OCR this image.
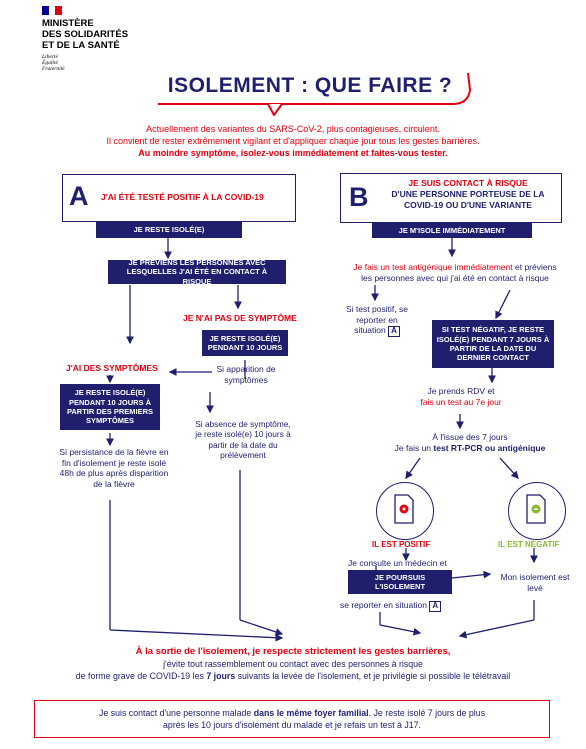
MINISTÈRE
DES SOLIDARITÉS
ET DE LA SANTÉ
Liberté
Égalité
Fraternité
ISOLEMENT : QUE FAIRE ?
Actuellement des variantes du SARS-CoV-2, plus contagieuses, circulent.
Il convient de rester extrêmement vigilant et d'appliquer chaque jour tous les gestes barrières.
Au moindre symptôme, isolez-vous immédiatement et faites-vous tester.
A J'AI ÉTÉ TESTÉ POSITIF À LA COVID-19
JE RESTE ISOLÉ(E)
JE PRÉVIENS LES PERSONNES AVEC LESQUELLES J'AI ÉTÉ EN CONTACT À RISQUE
JE N'AI PAS DE SYMPTÔME
JE RESTE ISOLÉ(E) PENDANT 10 JOURS
Si apparition de symptômes
J'AI DES SYMPTÔMES
JE RESTE ISOLÉ(E) PENDANT 10 JOURS À PARTIR DES PREMIERS SYMPTÔMES
Si persistance de la fièvre en fin d'isolement je reste isolé 48h de plus après disparition de la fièvre
Si absence de symptôme, je reste isolé(e) 10 jours à partir de la date du prélèvement
B	JE SUIS CONTACT À RISQUE
D'UNE PERSONNE PORTEUSE DE LA COVID-19 OU D'UNE VARIANTE
JE M'ISOLE IMMÉDIATEMENT
Je fais un test antigénique immédiatement et préviens les personnes avec qui j'ai été en contact à risque
Si test positif, se reporter en situation A	SI TEST NÉGATIF, JE RESTE ISOLÉ(E) PENDANT 7 JOURS À PARTIR DE LA DATE DU DERNIER CONTACT
Je prends RDV et fais un test au 7e jour
À l'issue des 7 jours
Je fais un test RT-PCR ou antigénique
IL EST POSITIF	IL EST NÉGATIF
Je consulte un médecin et
JE POURSUIS L'ISOLEMENT
se reporter en situation A
Mon isolement est levé
À la sortie de l'isolement, je respecte strictement les gestes barrières,
j'évite tout rassemblement ou contact avec des personnes à risque
de forme grave de COVID-19 les 7 jours suivants la levée de l'isolement, et je privilégie si possible le télétravail
Je suis contact d'une personne malade dans le même foyer familial. Je reste isolé 7 jours de plus
après les 10 jours d'isolement du malade et je refais un test à J17.
